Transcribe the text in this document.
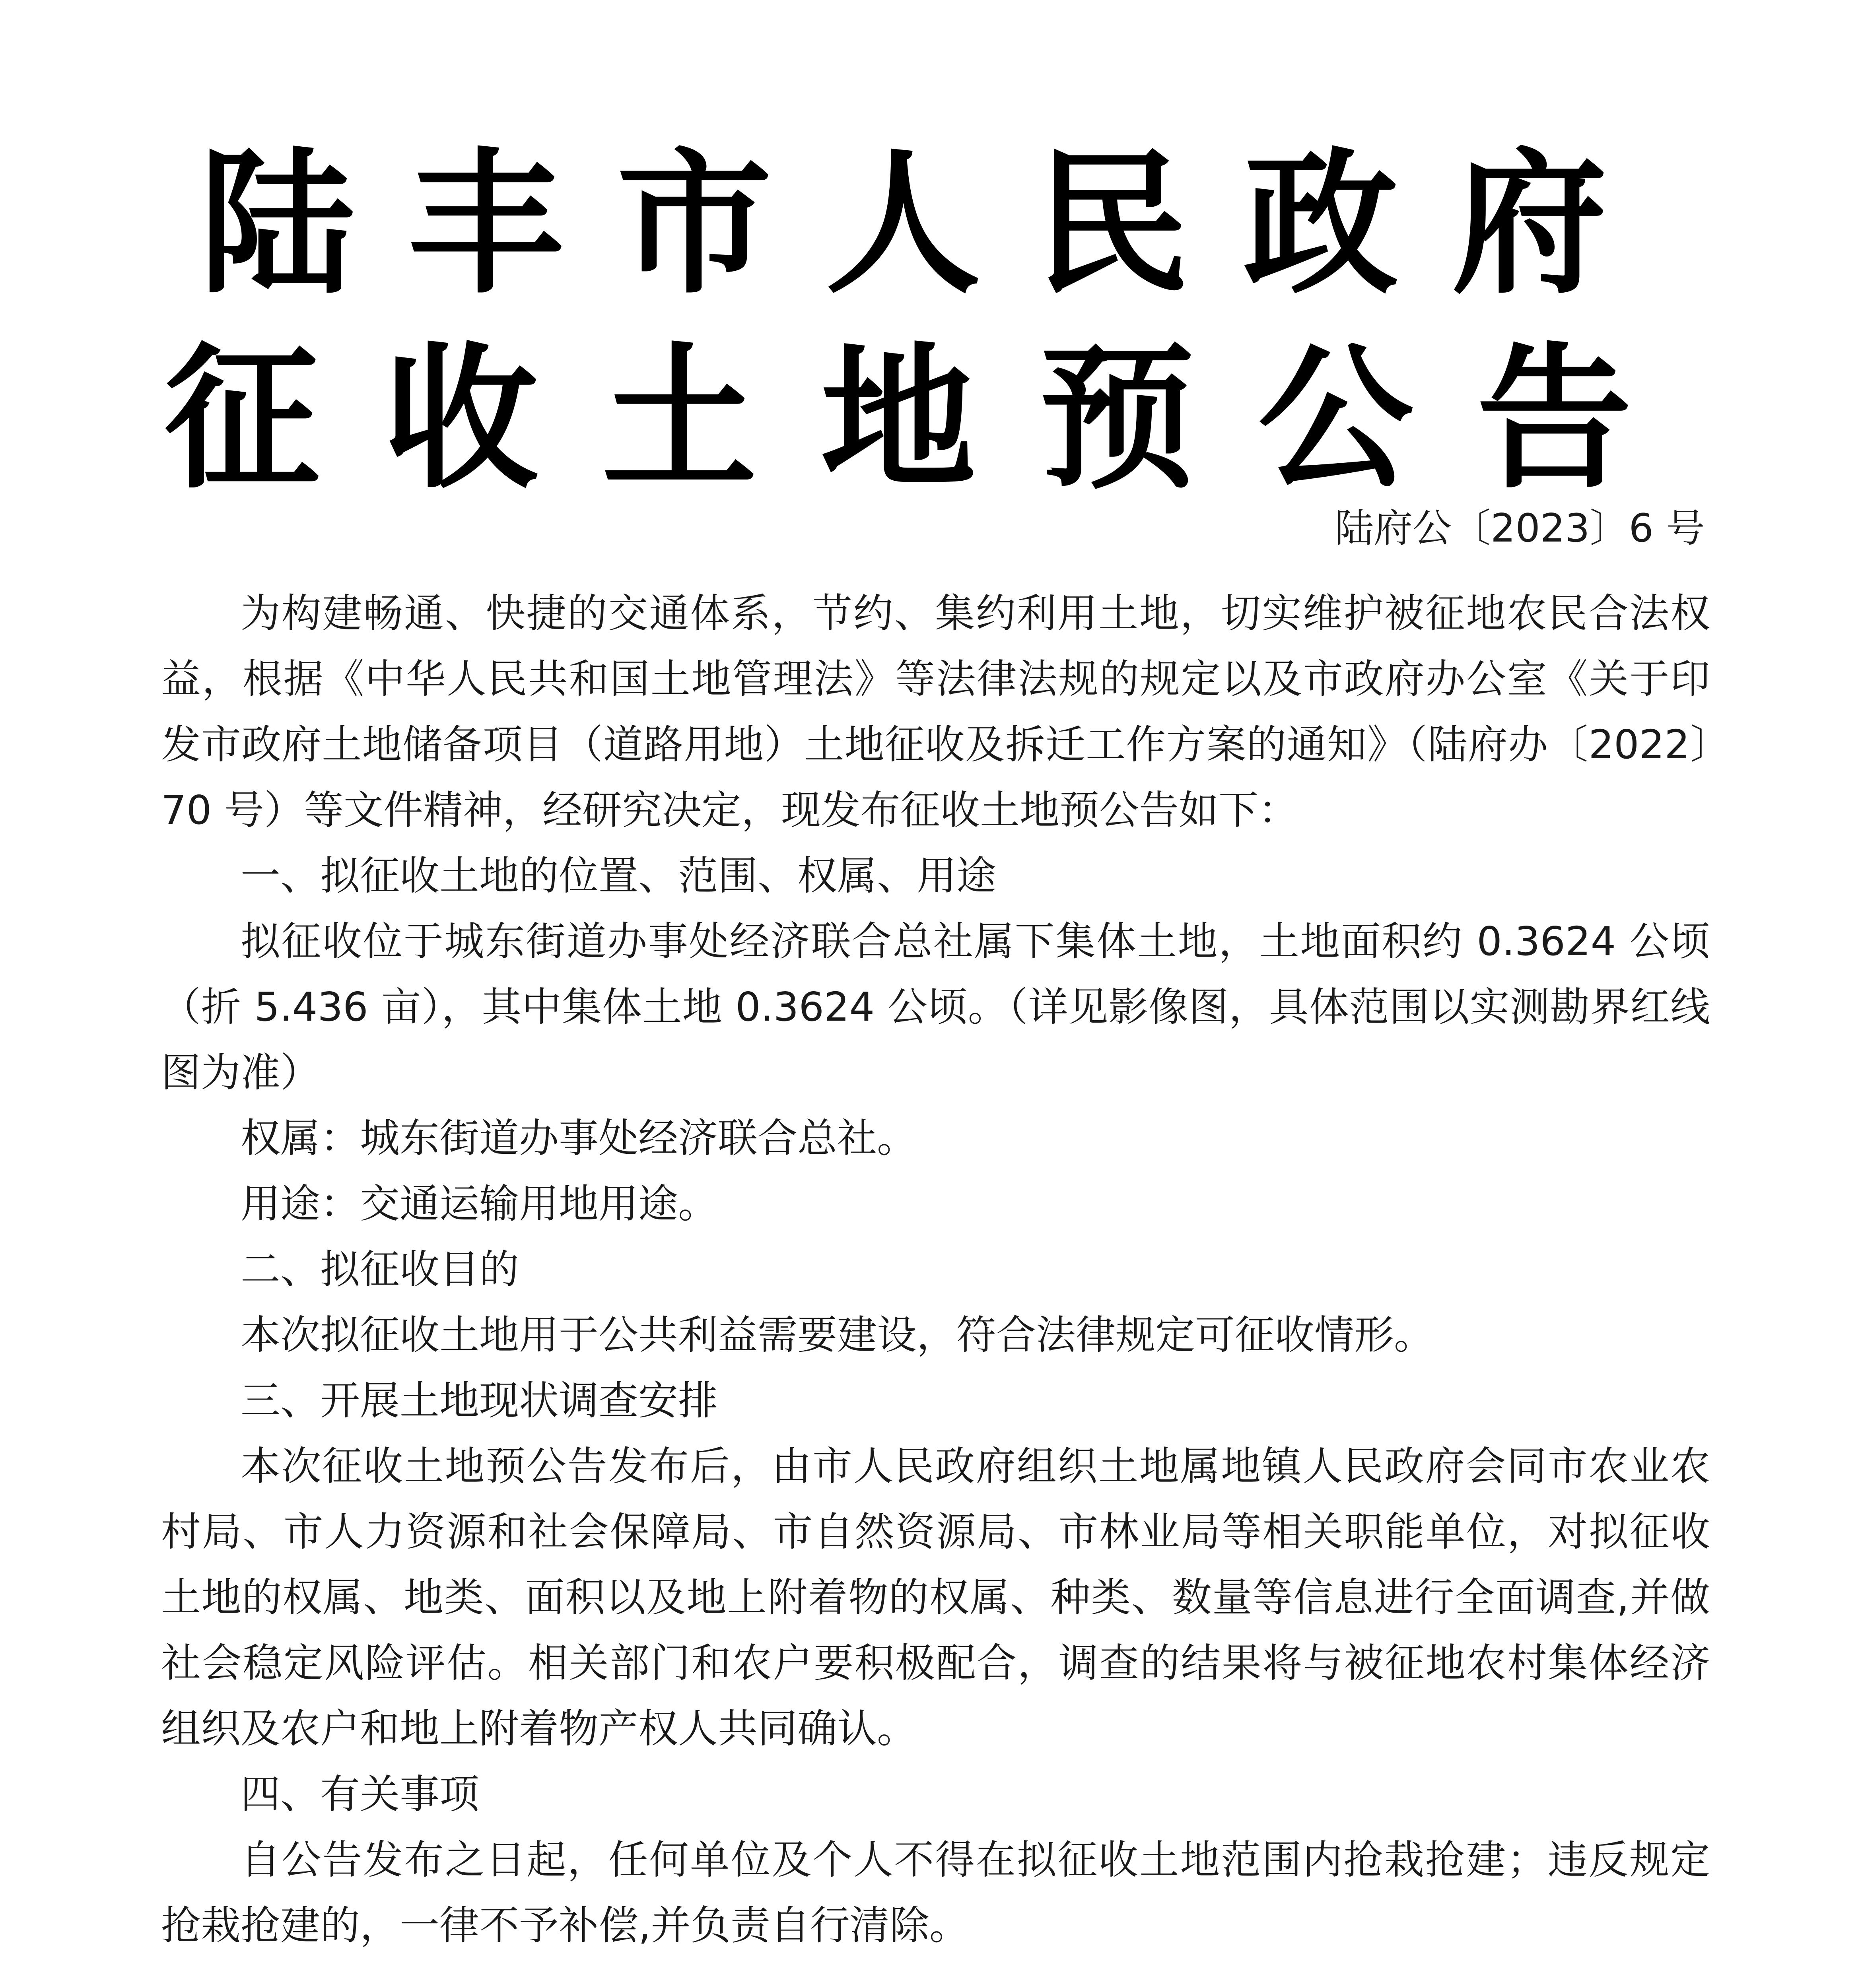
陆丰市人民政府
征收土地预公告
陆府公〔2023〕6 号

为构建畅通、快捷的交通体系，节约、集约利用土地，切实维护被征地农民合法权益，根据《中华人民共和国土地管理法》等法律法规的规定以及市政府办公室《关于印发市政府土地储备项目（道路用地）土地征收及拆迁工作方案的通知》（陆府办〔2022〕70 号）等文件精神，经研究决定，现发布征收土地预公告如下：

一、拟征收土地的位置、范围、权属、用途

拟征收位于城东街道办事处经济联合总社属下集体土地，土地面积约 0.3624 公顷（折 5.436 亩），其中集体土地 0.3624 公顷。（详见影像图，具体范围以实测勘界红线图为准）

权属：城东街道办事处经济联合总社。

用途：交通运输用地用途。

二、拟征收目的

本次拟征收土地用于公共利益需要建设，符合法律规定可征收情形。

三、开展土地现状调查安排

本次征收土地预公告发布后，由市人民政府组织土地属地镇人民政府会同市农业农村局、市人力资源和社会保障局、市自然资源局、市林业局等相关职能单位，对拟征收土地的权属、地类、面积以及地上附着物的权属、种类、数量等信息进行全面调查,并做社会稳定风险评估。相关部门和农户要积极配合，调查的结果将与被征地农村集体经济组织及农户和地上附着物产权人共同确认。

四、有关事项

自公告发布之日起，任何单位及个人不得在拟征收土地范围内抢栽抢建；违反规定抢栽抢建的，一律不予补偿,并负责自行清除。
